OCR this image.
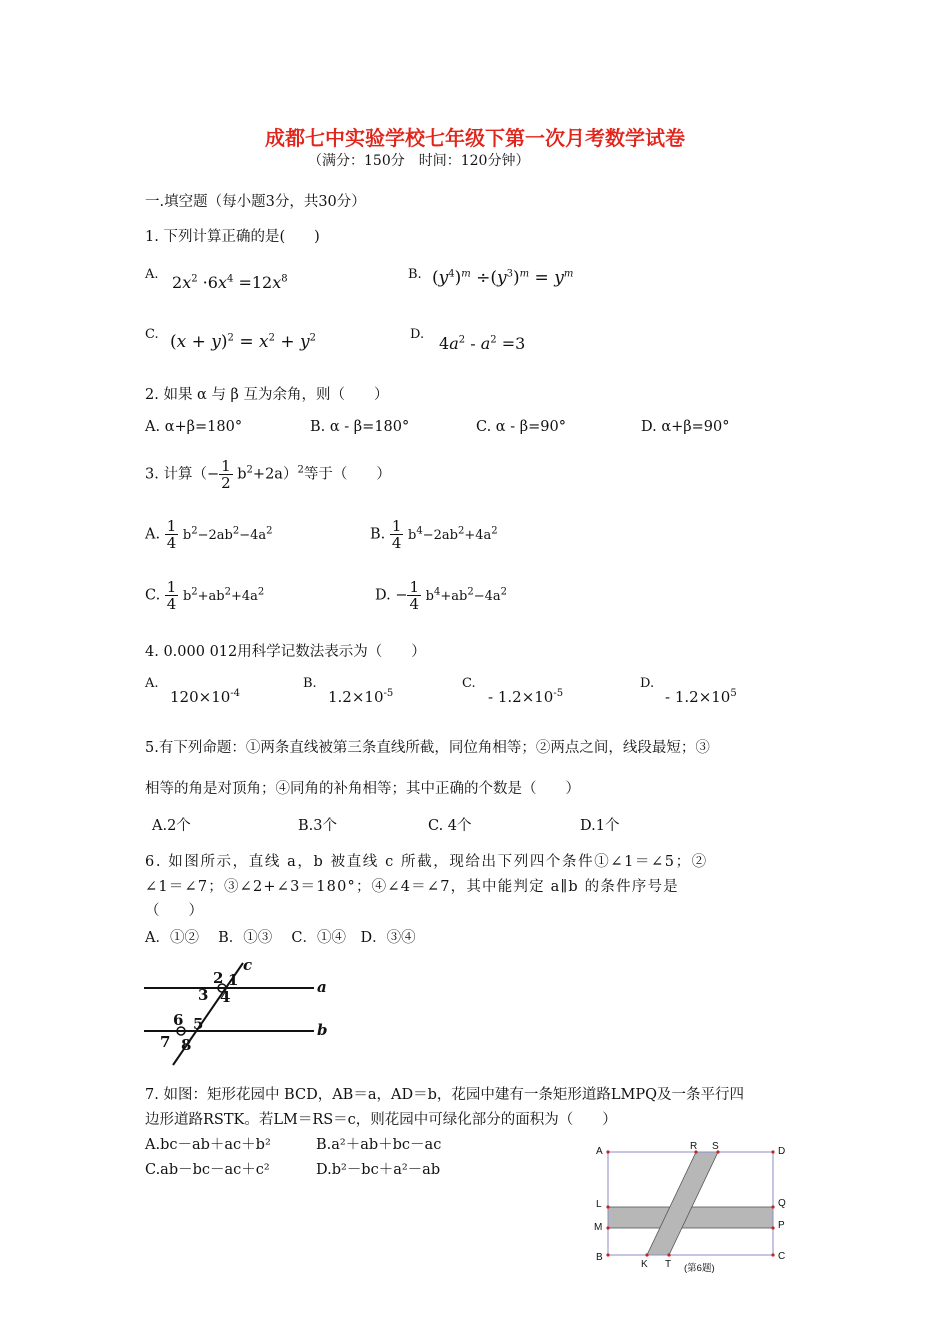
成都七中实验学校七年级下第一次月考数学试卷
（满分：150分　时间：120分钟）
一.填空题（每小题3分，共30分）
1. 下列计算正确的是(　　)
A. $2x^2 \cdot 6x^4 =12x^8$	B. $(y^4)^m \div(y^3)^m = y^m$
C. $(x + y)^2 = x^2 + y^2$	D. $4a^2 - a^2 =3$
2. 如果 α 与 β 互为余角，则（　　）
A. α+β=180°	B. α - β=180°	C. α - β=90°	D. α+β=90°
3. 计算（− $\frac{1}{2} b^2+2a)^2$等于（　　）
A. $\frac{1}{4} b^2-2ab^2-4a^2$	B. $\frac{1}{4} b^4-2ab^2+4a^2$
C. $\frac{1}{4} b^2+ab^2+4a^2$	D. − $\frac{1}{4} b^4+ab^2-4a^2$
4. 0.000 012用科学记数法表示为（　　）
A.
$120\times 10^{-4}$
B.
$1.2\times 10^{-5}$
C.
- $1.2\times 10^{-5}$
D.
- $1.2\times 10^5$
5.有下列命题：①两条直线被第三条直线所截，同位角相等；②两点之间，线段最短；③
相等的角是对顶角；④同角的补角相等；其中正确的个数是（　　）
A.2个	B.3个	C. 4个	D.1个
6. 如图所示，直线 a，b 被直线 c 所截，现给出下列四个条件①∠1＝∠5；②
∠1＝∠7；③∠2+∠3＝180°；④∠4＝∠7，其中能判定 a∥b 的条件序号是
（　　）
A．①②　 B．①③　 C．①④　D．③④
c
a
b
2 1
3 4
6 5
7 8
7. 如图：矩形花园中 BCD，AB＝a，AD＝b，花园中建有一条矩形道路LMPQ及一条平行四
边形道路RSTK。若LM＝RS＝c，则花园中可绿化部分的面积为（　　）
A.bc－ab＋ac＋b²	B.a²＋ab＋bc－ac
C.ab－bc－ac＋c²	D.b²－bc＋a²－ab
A	R S	D
L	Q
M	P
B	C
K T (第6题)
